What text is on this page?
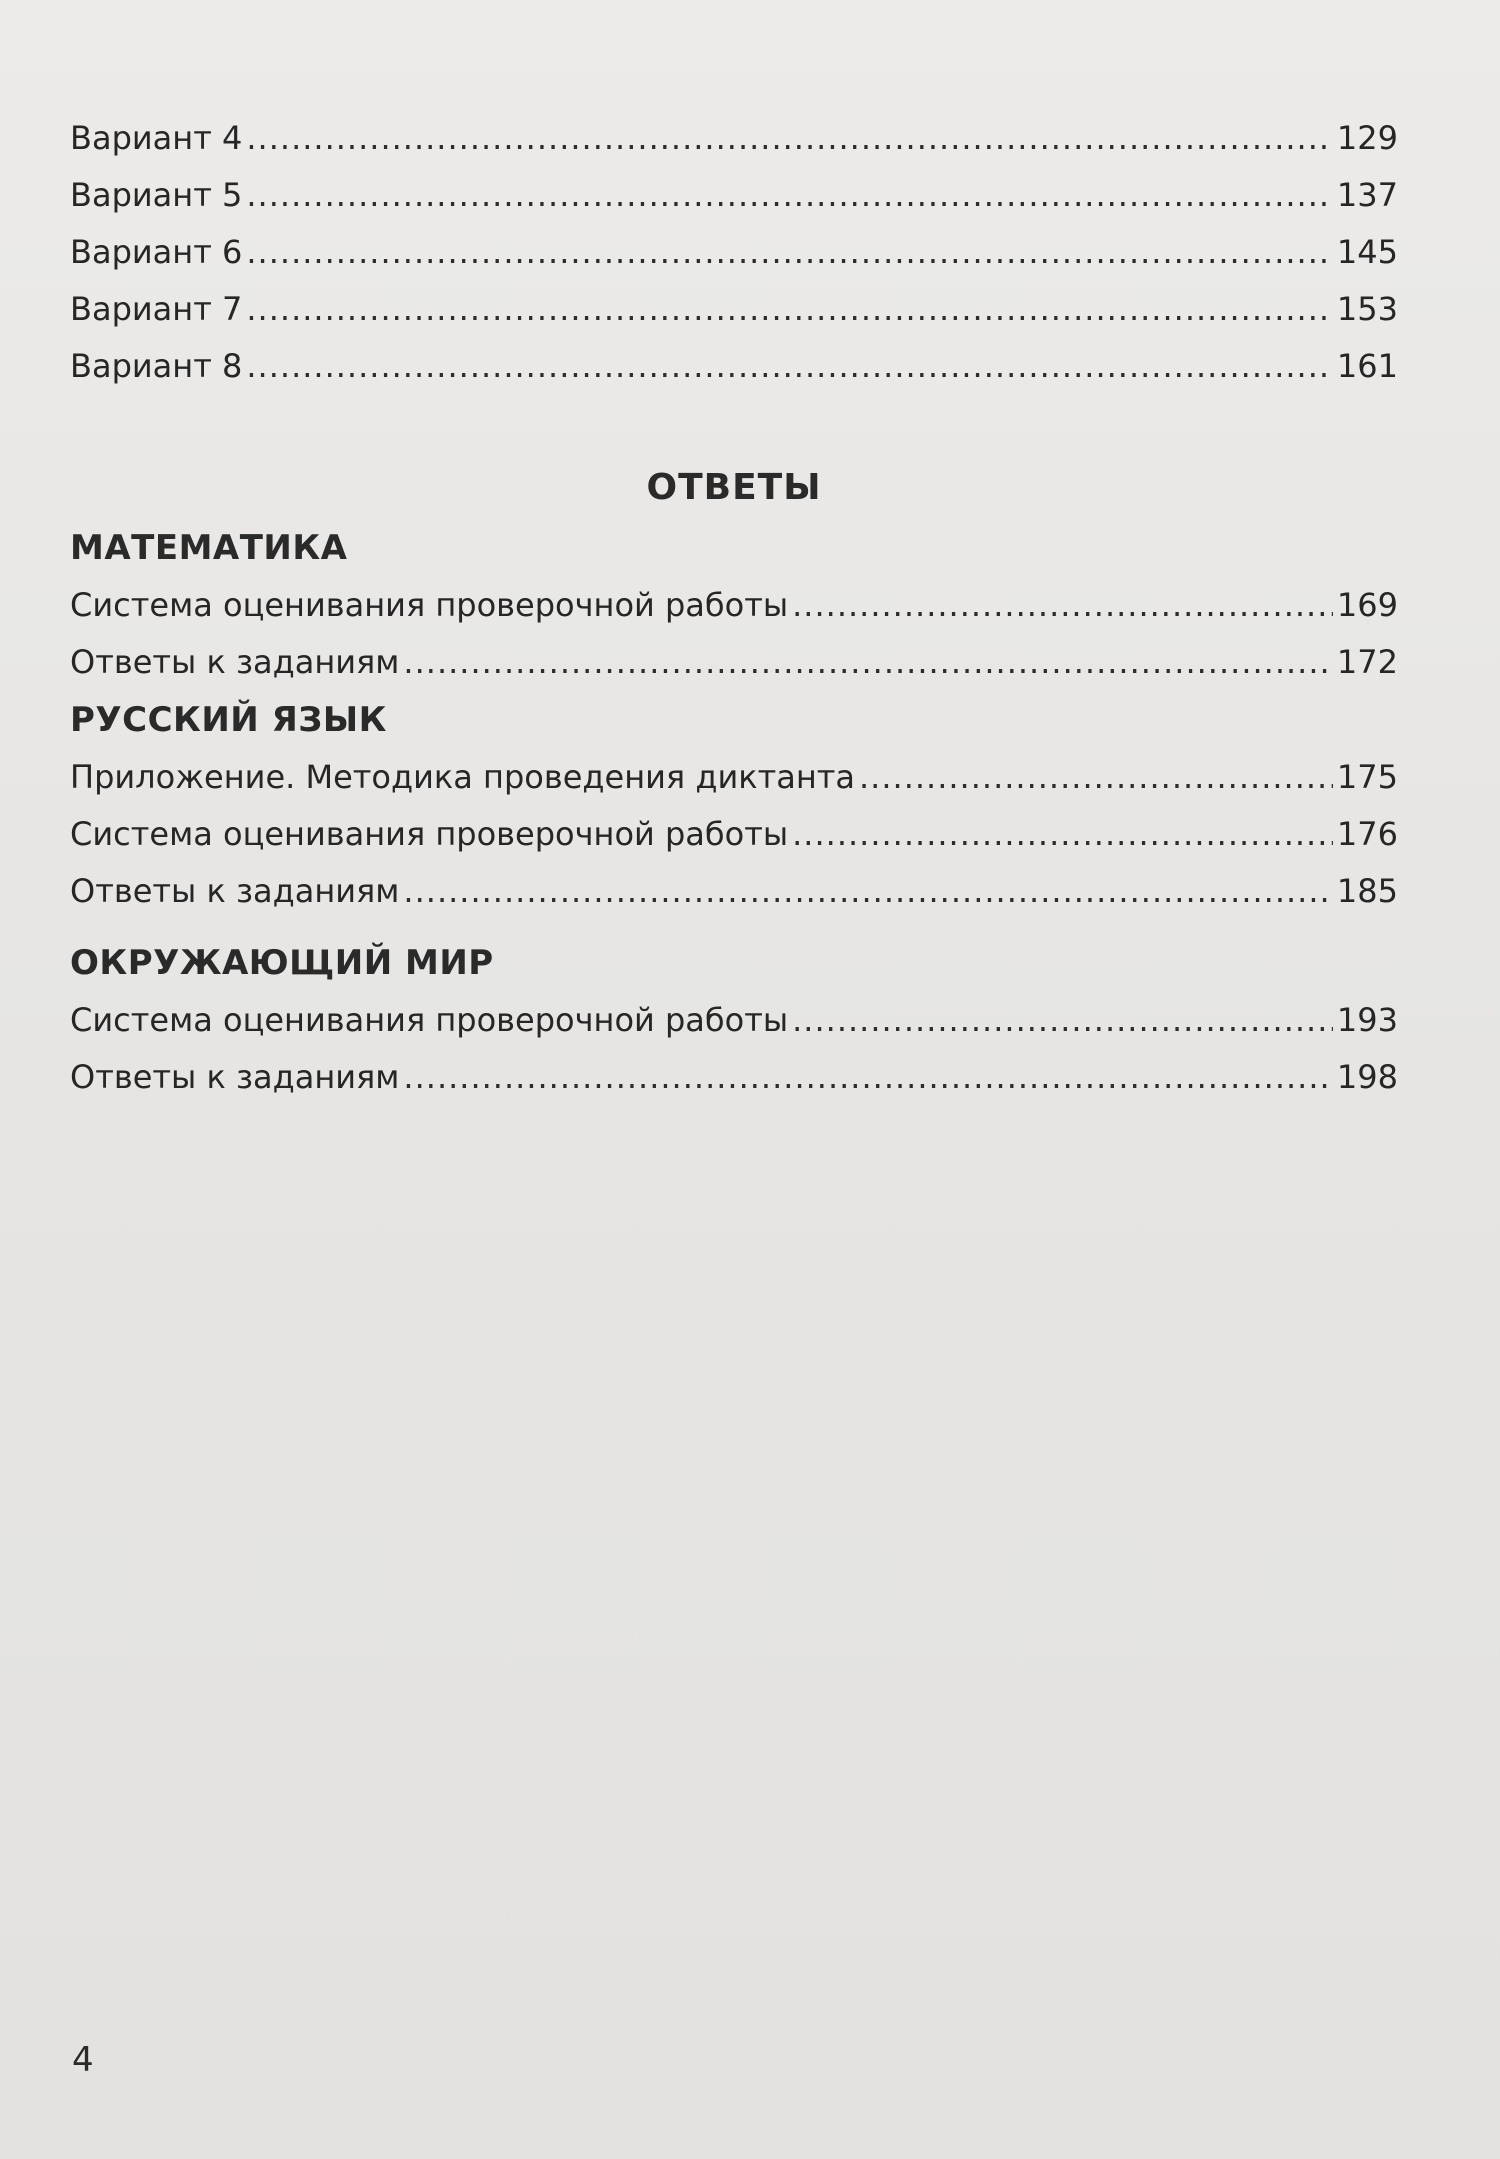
Вариант 4 .....	129
Вариант 5 .....	137
Вариант 6 .....	145
Вариант 7 .....	153
Вариант 8 .....	161
ОТВЕТЫ
МАТЕМАТИКА
Система оценивания проверочной работы .....	169
Ответы к заданиям .....	172
РУССКИЙ ЯЗЫК
Приложение. Методика проведения диктанта .....	175
Система оценивания проверочной работы .....	176
Ответы к заданиям .....	185
ОКРУЖАЮЩИЙ МИР
Система оценивания проверочной работы .....	193
Ответы к заданиям .....	198
4
